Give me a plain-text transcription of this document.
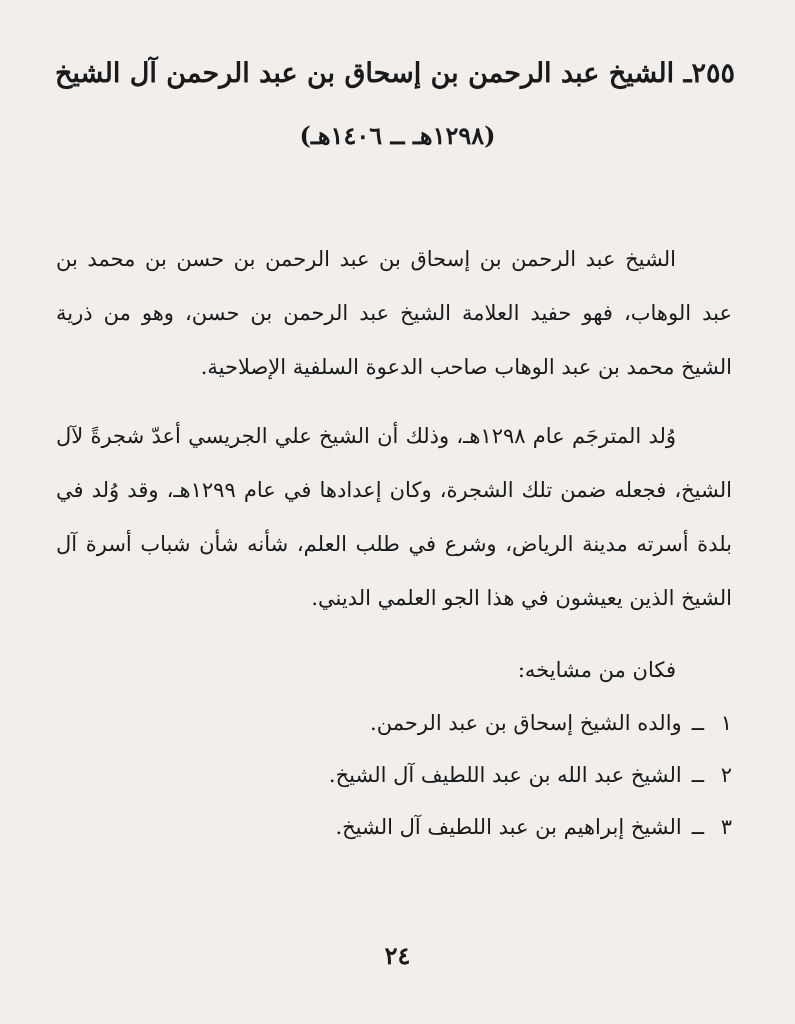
٢٥٥ـ الشيخ عبد الرحمن بن إسحاق بن عبد الرحمن آل الشيخ
(١٢٩٨هـ ــ ١٤٠٦هـ)

الشيخ عبد الرحمن بن إسحاق بن عبد الرحمن بن حسن بن محمد بن عبد الوهاب، فهو حفيد العلامة الشيخ عبد الرحمن بن حسن، وهو من ذرية الشيخ محمد بن عبد الوهاب صاحب الدعوة السلفية الإصلاحية.

وُلد المترجَم عام ١٢٩٨هـ، وذلك أن الشيخ علي الجريسي أعدّ شجرةً لآل الشيخ، فجعله ضمن تلك الشجرة، وكان إعدادها في عام ١٢٩٩هـ، وقد وُلد في بلدة أسرته مدينة الرياض، وشرع في طلب العلم، شأنه شأن شباب أسرة آل الشيخ الذين يعيشون في هذا الجو العلمي الديني.

فكان من مشايخه:

١ــوالده الشيخ إسحاق بن عبد الرحمن.
٢ــالشيخ عبد الله بن عبد اللطيف آل الشيخ.
٣ــالشيخ إبراهيم بن عبد اللطيف آل الشيخ.
٢٤
